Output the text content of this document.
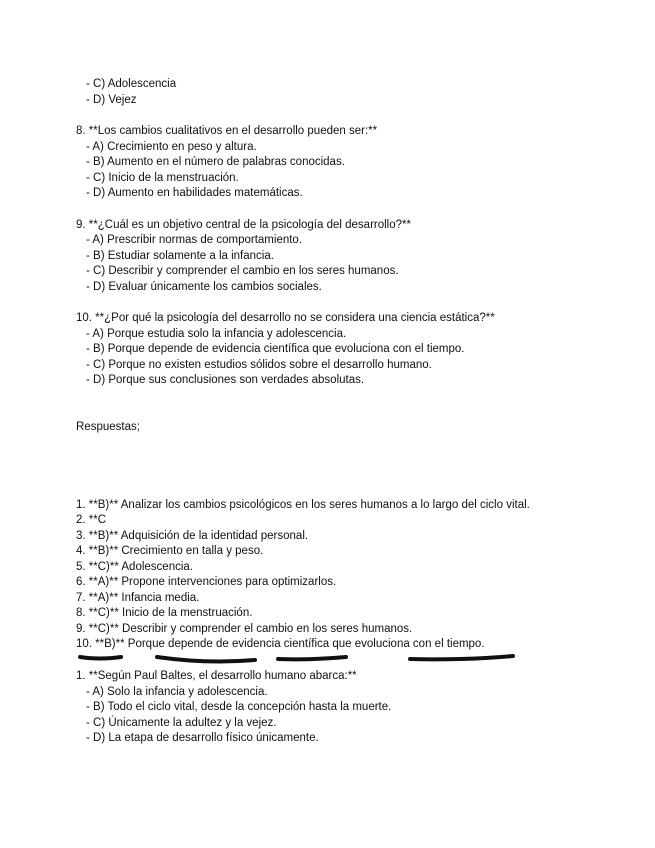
- C) Adolescencia
- D) Vejez
8. **Los cambios cualitativos en el desarrollo pueden ser:**
- A) Crecimiento en peso y altura.
- B) Aumento en el número de palabras conocidas.
- C) Inicio de la menstruación.
- D) Aumento en habilidades matemáticas.
9. **¿Cuál es un objetivo central de la psicología del desarrollo?**
- A) Prescribir normas de comportamiento.
- B) Estudiar solamente a la infancia.
- C) Describir y comprender el cambio en los seres humanos.
- D) Evaluar únicamente los cambios sociales.
10. **¿Por qué la psicología del desarrollo no se considera una ciencia estática?**
- A) Porque estudia solo la infancia y adolescencia.
- B) Porque depende de evidencia científica que evoluciona con el tiempo.
- C) Porque no existen estudios sólidos sobre el desarrollo humano.
- D) Porque sus conclusiones son verdades absolutas.
Respuestas;
1. **B)** Analizar los cambios psicológicos en los seres humanos a lo largo del ciclo vital.
2. **C
3. **B)** Adquisición de la identidad personal.
4. **B)** Crecimiento en talla y peso.
5. **C)** Adolescencia.
6. **A)** Propone intervenciones para optimizarlos.
7. **A)** Infancia media.
8. **C)** Inicio de la menstruación.
9. **C)** Describir y comprender el cambio en los seres humanos.
10. **B)** Porque depende de evidencia científica que evoluciona con el tiempo.
1. **Según Paul Baltes, el desarrollo humano abarca:**
- A) Solo la infancia y adolescencia.
- B) Todo el ciclo vital, desde la concepción hasta la muerte.
- C) Únicamente la adultez y la vejez.
- D) La etapa de desarrollo físico únicamente.
